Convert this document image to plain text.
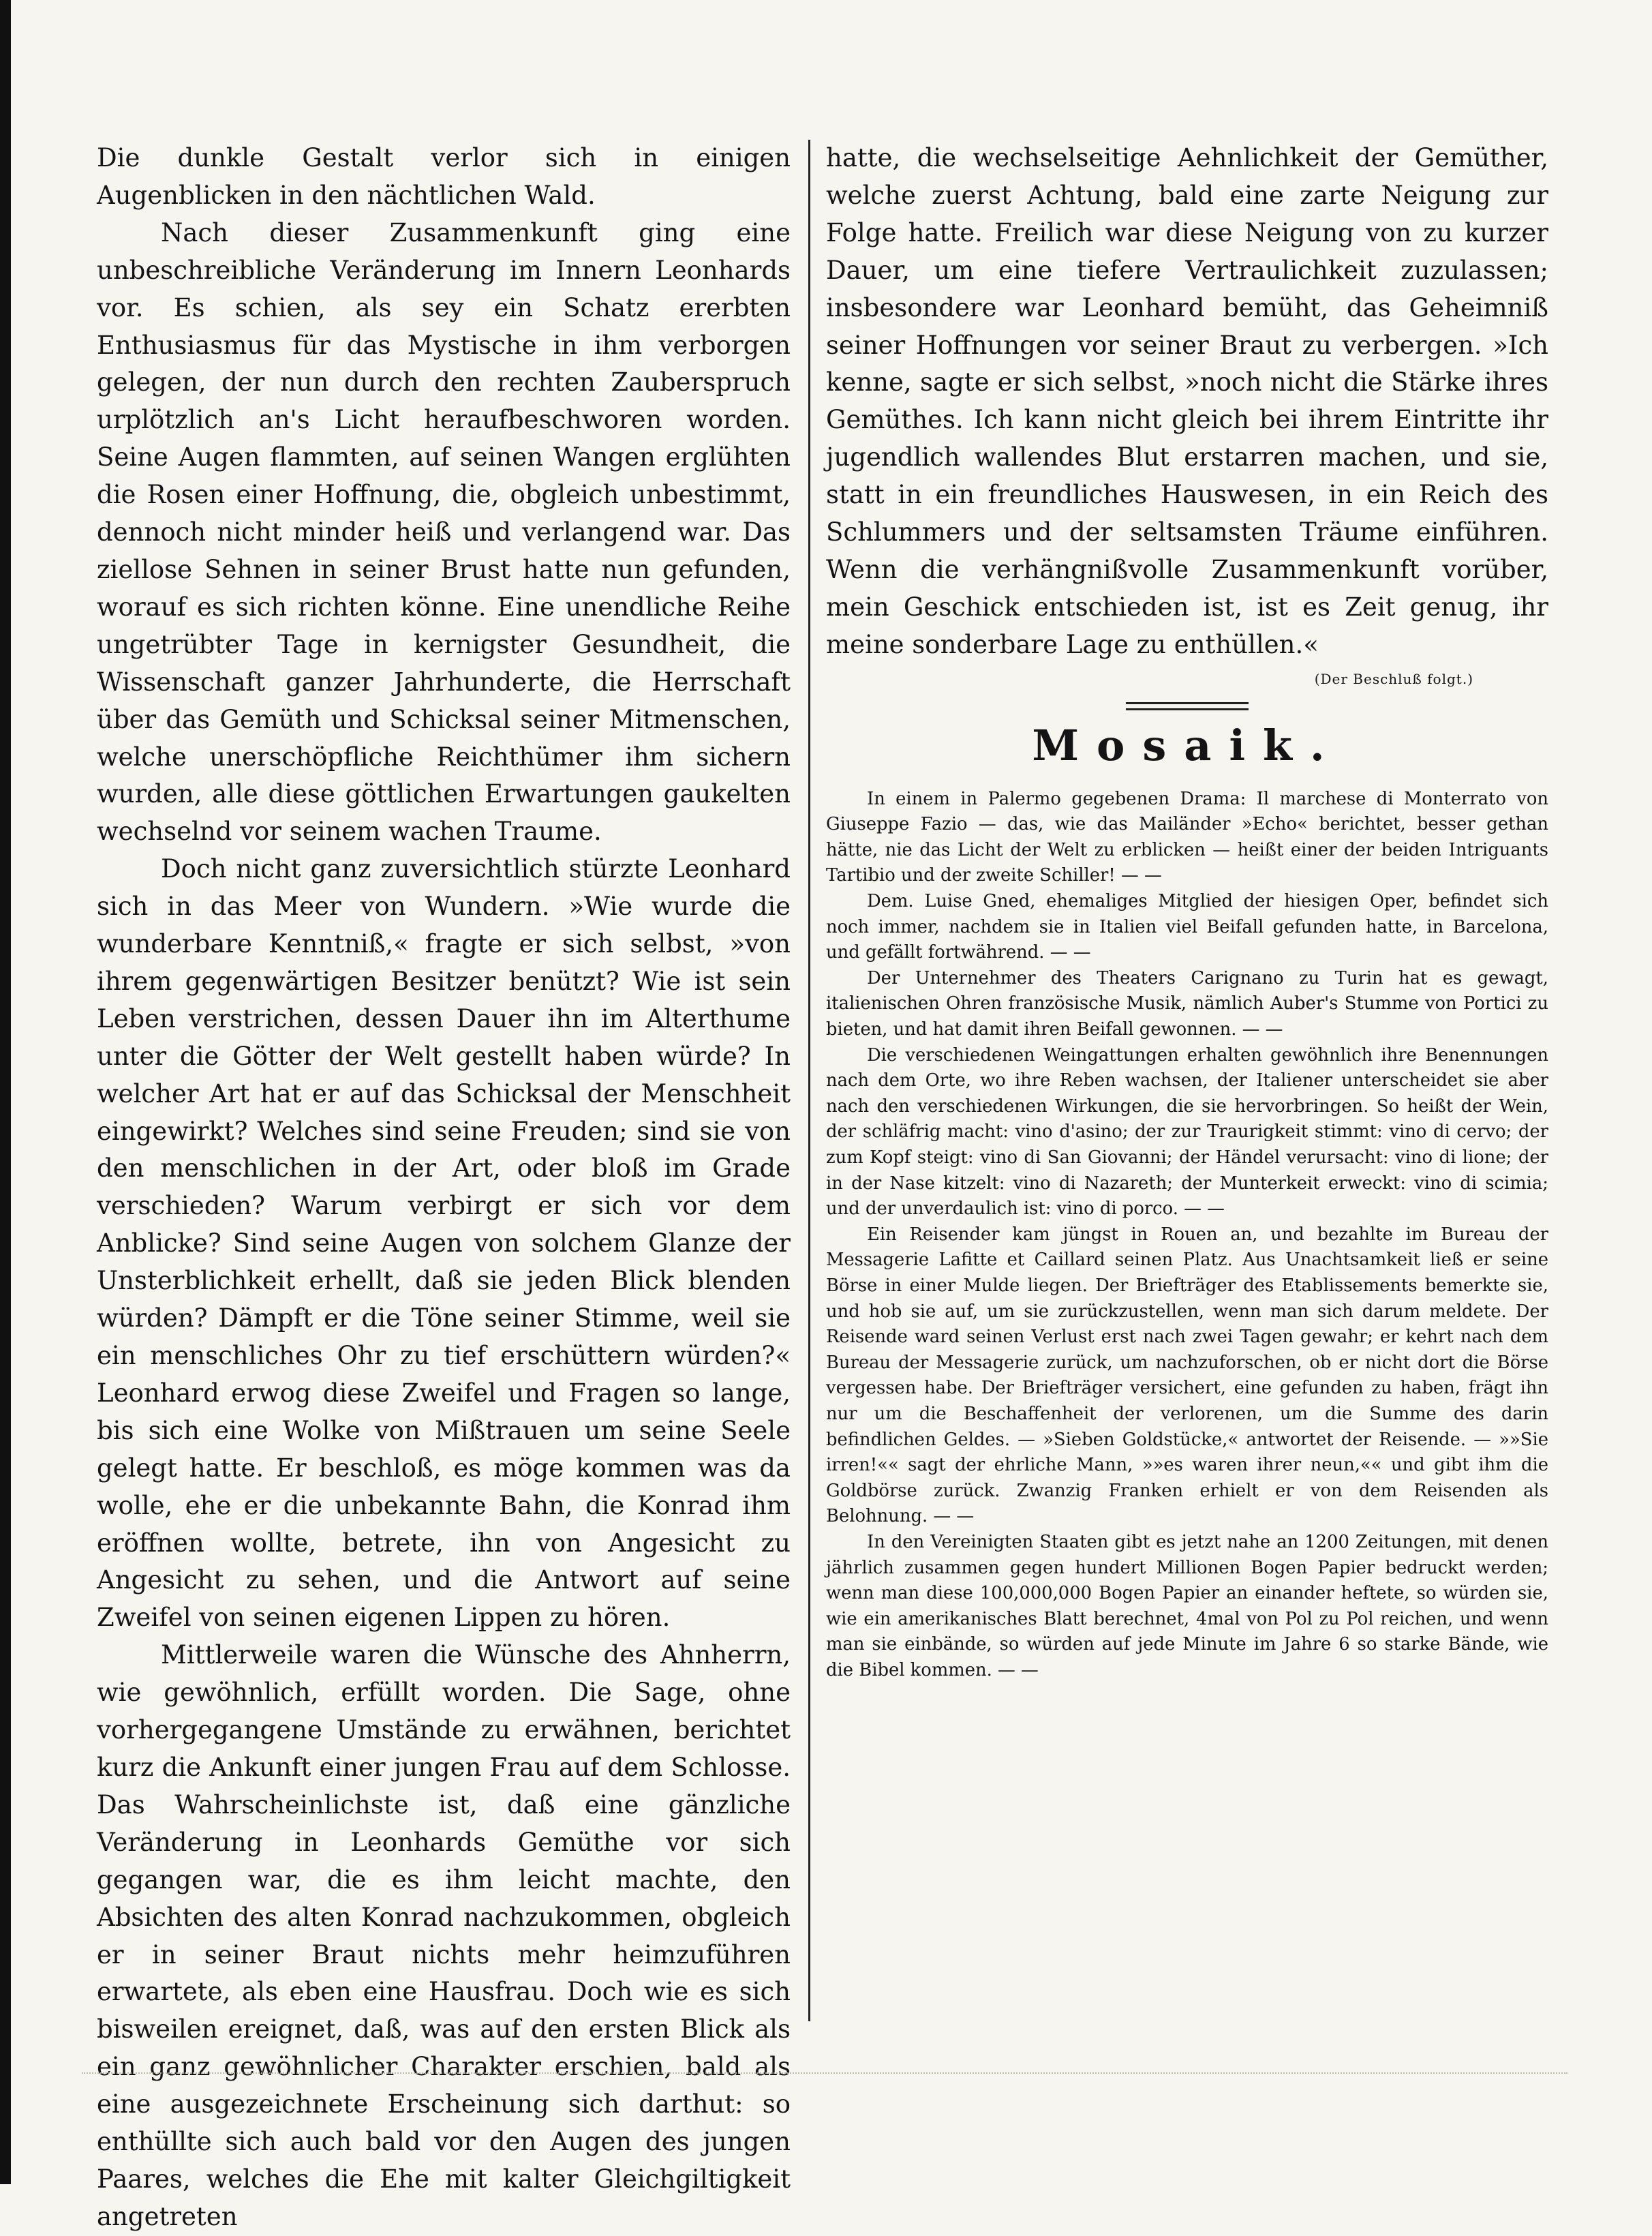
Die dunkle Gestalt verlor sich in einigen Augenblicken in den nächtlichen Wald.

Nach dieser Zusammenkunft ging eine unbeschreibliche Veränderung im Innern Leonhards vor. Es schien, als sey ein Schatz ererbten Enthusiasmus für das Mystische in ihm verborgen gelegen, der nun durch den rechten Zauberspruch urplötzlich an's Licht heraufbeschworen worden. Seine Augen flammten, auf seinen Wangen erglühten die Rosen einer Hoffnung, die, obgleich unbestimmt, dennoch nicht minder heiß und verlangend war. Das ziellose Sehnen in seiner Brust hatte nun gefunden, worauf es sich richten könne. Eine unendliche Reihe ungetrübter Tage in kernigster Gesundheit, die Wissenschaft ganzer Jahrhunderte, die Herrschaft über das Gemüth und Schicksal seiner Mitmenschen, welche unerschöpfliche Reichthümer ihm sichern wurden, alle diese göttlichen Erwartungen gaukelten wechselnd vor seinem wachen Traume.

Doch nicht ganz zuversichtlich stürzte Leonhard sich in das Meer von Wundern. »Wie wurde die wunderbare Kenntniß,« fragte er sich selbst, »von ihrem gegenwärtigen Besitzer benützt? Wie ist sein Leben verstrichen, dessen Dauer ihn im Alterthume unter die Götter der Welt gestellt haben würde? In welcher Art hat er auf das Schicksal der Menschheit eingewirkt? Welches sind seine Freuden; sind sie von den menschlichen in der Art, oder bloß im Grade verschieden? Warum verbirgt er sich vor dem Anblicke? Sind seine Augen von solchem Glanze der Unsterblichkeit erhellt, daß sie jeden Blick blenden würden? Dämpft er die Töne seiner Stimme, weil sie ein menschliches Ohr zu tief erschüttern würden?« Leonhard erwog diese Zweifel und Fragen so lange, bis sich eine Wolke von Mißtrauen um seine Seele gelegt hatte. Er beschloß, es möge kommen was da wolle, ehe er die unbekannte Bahn, die Konrad ihm eröffnen wollte, betrete, ihn von Angesicht zu Angesicht zu sehen, und die Antwort auf seine Zweifel von seinen eigenen Lippen zu hören.

Mittlerweile waren die Wünsche des Ahnherrn, wie gewöhnlich, erfüllt worden. Die Sage, ohne vorhergegangene Umstände zu erwähnen, berichtet kurz die Ankunft einer jungen Frau auf dem Schlosse. Das Wahrscheinlichste ist, daß eine gänzliche Veränderung in Leonhards Gemüthe vor sich gegangen war, die es ihm leicht machte, den Absichten des alten Konrad nachzukommen, obgleich er in seiner Braut nichts mehr heimzuführen erwartete, als eben eine Hausfrau. Doch wie es sich bisweilen ereignet, daß, was auf den ersten Blick als ein ganz gewöhnlicher Charakter erschien, bald als eine ausgezeichnete Erscheinung sich darthut: so enthüllte sich auch bald vor den Augen des jungen Paares, welches die Ehe mit kalter Gleichgiltigkeit angetreten

hatte, die wechselseitige Aehnlichkeit der Gemüther, welche zuerst Achtung, bald eine zarte Neigung zur Folge hatte. Freilich war diese Neigung von zu kurzer Dauer, um eine tiefere Vertraulichkeit zuzulassen; insbesondere war Leonhard bemüht, das Geheimniß seiner Hoffnungen vor seiner Braut zu verbergen. »Ich kenne, sagte er sich selbst, »noch nicht die Stärke ihres Gemüthes. Ich kann nicht gleich bei ihrem Eintritte ihr jugendlich wallendes Blut erstarren machen, und sie, statt in ein freundliches Hauswesen, in ein Reich des Schlummers und der seltsamsten Träume einführen. Wenn die verhängnißvolle Zusammenkunft vorüber, mein Geschick entschieden ist, ist es Zeit genug, ihr meine sonderbare Lage zu enthüllen.«
(Der Beschluß folgt.)
Mosaik.

In einem in Palermo gegebenen Drama: Il marchese di Monterrato von Giuseppe Fazio — das, wie das Mailänder »Echo« berichtet, besser gethan hätte, nie das Licht der Welt zu erblicken — heißt einer der beiden Intriguants Tartibio und der zweite Schiller! — —

Dem. Luise Gned, ehemaliges Mitglied der hiesigen Oper, befindet sich noch immer, nachdem sie in Italien viel Beifall gefunden hatte, in Barcelona, und gefällt fortwährend. — —

Der Unternehmer des Theaters Carignano zu Turin hat es gewagt, italienischen Ohren französische Musik, nämlich Auber's Stumme von Portici zu bieten, und hat damit ihren Beifall gewonnen. — —

Die verschiedenen Weingattungen erhalten gewöhnlich ihre Benennungen nach dem Orte, wo ihre Reben wachsen, der Italiener unterscheidet sie aber nach den verschiedenen Wirkungen, die sie hervorbringen. So heißt der Wein, der schläfrig macht: vino d'asino; der zur Traurigkeit stimmt: vino di cervo; der zum Kopf steigt: vino di San Giovanni; der Händel verursacht: vino di lione; der in der Nase kitzelt: vino di Nazareth; der Munterkeit erweckt: vino di scimia; und der unverdaulich ist: vino di porco. — —

Ein Reisender kam jüngst in Rouen an, und bezahlte im Bureau der Messagerie Lafitte et Caillard seinen Platz. Aus Unachtsamkeit ließ er seine Börse in einer Mulde liegen. Der Briefträger des Etablissements bemerkte sie, und hob sie auf, um sie zurückzustellen, wenn man sich darum meldete. Der Reisende ward seinen Verlust erst nach zwei Tagen gewahr; er kehrt nach dem Bureau der Messagerie zurück, um nachzuforschen, ob er nicht dort die Börse vergessen habe. Der Briefträger versichert, eine gefunden zu haben, frägt ihn nur um die Beschaffenheit der verlorenen, um die Summe des darin befindlichen Geldes. — »Sieben Goldstücke,« antwortet der Reisende. — »»Sie irren!«« sagt der ehrliche Mann, »»es waren ihrer neun,«« und gibt ihm die Goldbörse zurück. Zwanzig Franken erhielt er von dem Reisenden als Belohnung. — —

In den Vereinigten Staaten gibt es jetzt nahe an 1200 Zeitungen, mit denen jährlich zusammen gegen hundert Millionen Bogen Papier bedruckt werden; wenn man diese 100,000,000 Bogen Papier an einander heftete, so würden sie, wie ein amerikanisches Blatt berechnet, 4mal von Pol zu Pol reichen, und wenn man sie einbände, so würden auf jede Minute im Jahre 6 so starke Bände, wie die Bibel kommen. — —
